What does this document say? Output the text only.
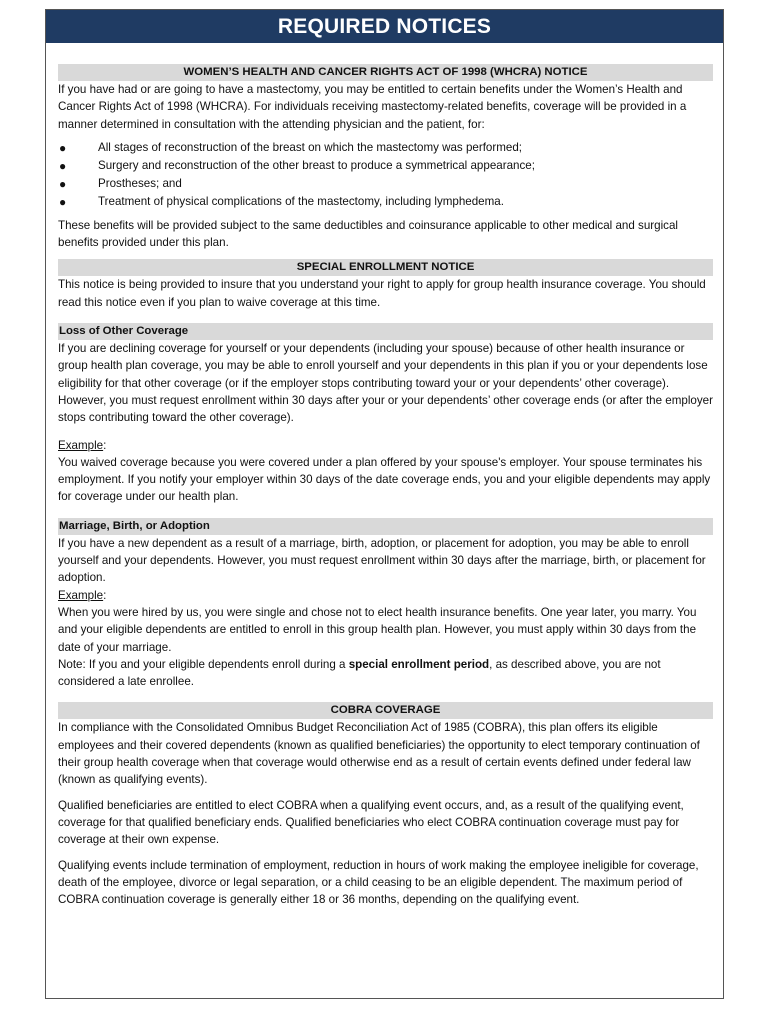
REQUIRED NOTICES
WOMEN’S HEALTH AND CANCER RIGHTS ACT OF 1998 (WHCRA) NOTICE

If you have had or are going to have a mastectomy, you may be entitled to certain benefits under the Women’s Health and Cancer Rights Act of 1998 (WHCRA). For individuals receiving mastectomy-related benefits, coverage will be provided in a manner determined in consultation with the attending physician and the patient, for:

●	All stages of reconstruction of the breast on which the mastectomy was performed;
●	Surgery and reconstruction of the other breast to produce a symmetrical appearance;
●	Prostheses; and
●	Treatment of physical complications of the mastectomy, including lymphedema.

These benefits will be provided subject to the same deductibles and coinsurance applicable to other medical and surgical benefits provided under this plan.

SPECIAL ENROLLMENT NOTICE

This notice is being provided to insure that you understand your right to apply for group health insurance coverage. You should read this notice even if you plan to waive coverage at this time.

Loss of Other Coverage

If you are declining coverage for yourself or your dependents (including your spouse) because of other health insurance or group health plan coverage, you may be able to enroll yourself and your dependents in this plan if you or your dependents lose eligibility for that other coverage (or if the employer stops contributing toward your or your dependents’ other coverage). However, you must request enrollment within 30 days after your or your dependents’ other coverage ends (or after the employer stops contributing toward the other coverage).

Example:

You waived coverage because you were covered under a plan offered by your spouse's employer. Your spouse terminates his employment. If you notify your employer within 30 days of the date coverage ends, you and your eligible dependents may apply for coverage under our health plan.

Marriage, Birth, or Adoption

If you have a new dependent as a result of a marriage, birth, adoption, or placement for adoption, you may be able to enroll yourself and your dependents. However, you must request enrollment within 30 days after the marriage, birth, or placement for adoption.

Example:

When you were hired by us, you were single and chose not to elect health insurance benefits. One year later, you marry. You and your eligible dependents are entitled to enroll in this group health plan. However, you must apply within 30 days from the date of your marriage.

Note: If you and your eligible dependents enroll during a special enrollment period, as described above, you are not considered a late enrollee.

COBRA COVERAGE

In compliance with the Consolidated Omnibus Budget Reconciliation Act of 1985 (COBRA), this plan offers its eligible employees and their covered dependents (known as qualified beneficiaries) the opportunity to elect temporary continuation of their group health coverage when that coverage would otherwise end as a result of certain events defined under federal law (known as qualifying events).

Qualified beneficiaries are entitled to elect COBRA when a qualifying event occurs, and, as a result of the qualifying event, coverage for that qualified beneficiary ends. Qualified beneficiaries who elect COBRA continuation coverage must pay for coverage at their own expense.

Qualifying events include termination of employment, reduction in hours of work making the employee ineligible for coverage, death of the employee, divorce or legal separation, or a child ceasing to be an eligible dependent. The maximum period of COBRA continuation coverage is generally either 18 or 36 months, depending on the qualifying event.
